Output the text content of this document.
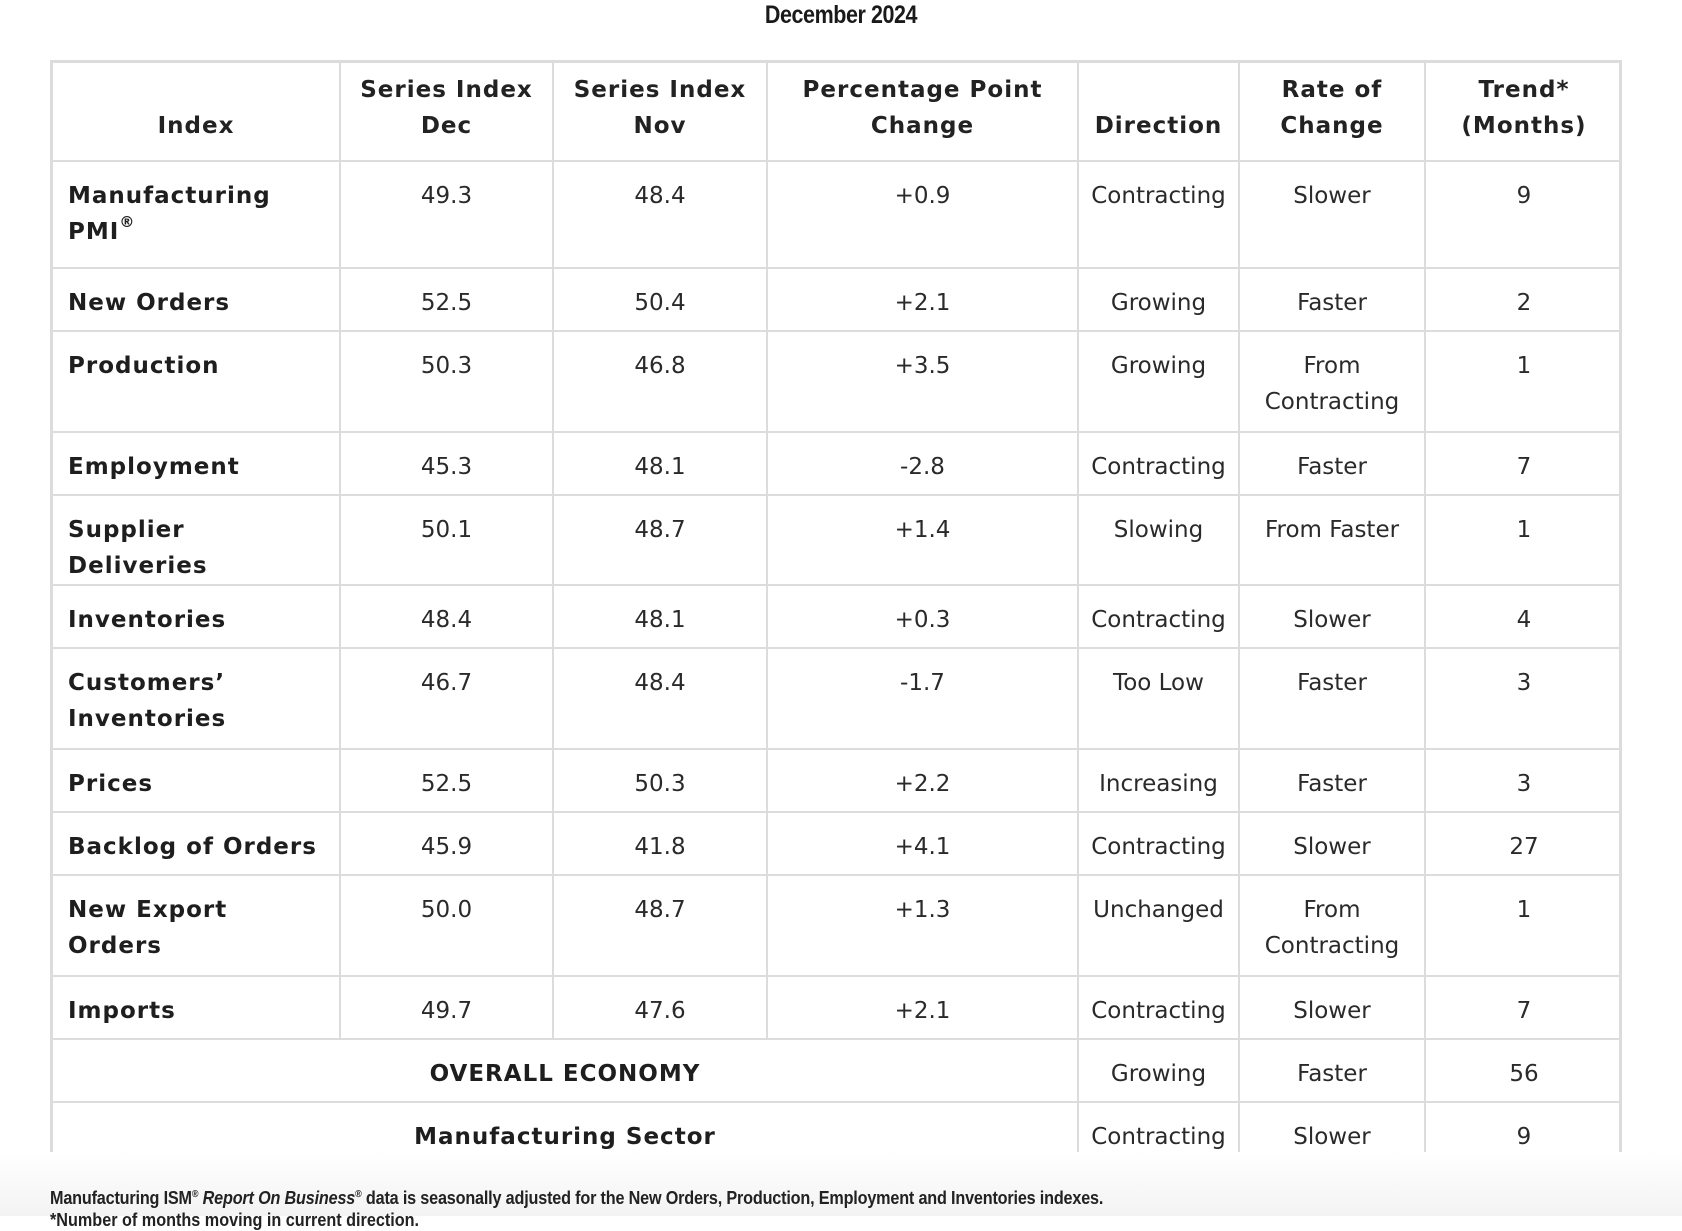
December 2024
Index	Series Index Dec	Series Index Nov	Percentage Point Change	Direction	Rate of Change	Trend* (Months)
Manufacturing PMI®	49.3	48.4	+0.9	Contracting	Slower	9
New Orders	52.5	50.4	+2.1	Growing	Faster	2
Production	50.3	46.8	+3.5	Growing	From Contracting	1
Employment	45.3	48.1	-2.8	Contracting	Faster	7
Supplier Deliveries	50.1	48.7	+1.4	Slowing	From Faster	1
Inventories	48.4	48.1	+0.3	Contracting	Slower	4
Customers’ Inventories	46.7	48.4	-1.7	Too Low	Faster	3
Prices	52.5	50.3	+2.2	Increasing	Faster	3
Backlog of Orders	45.9	41.8	+4.1	Contracting	Slower	27
New Export Orders	50.0	48.7	+1.3	Unchanged	From Contracting	1
Imports	49.7	47.6	+2.1	Contracting	Slower	7
OVERALL ECONOMY				Growing	Faster	56
Manufacturing Sector				Contracting	Slower	9
Manufacturing ISM® Report On Business® data is seasonally adjusted for the New Orders, Production, Employment and Inventories indexes.
*Number of months moving in current direction.
